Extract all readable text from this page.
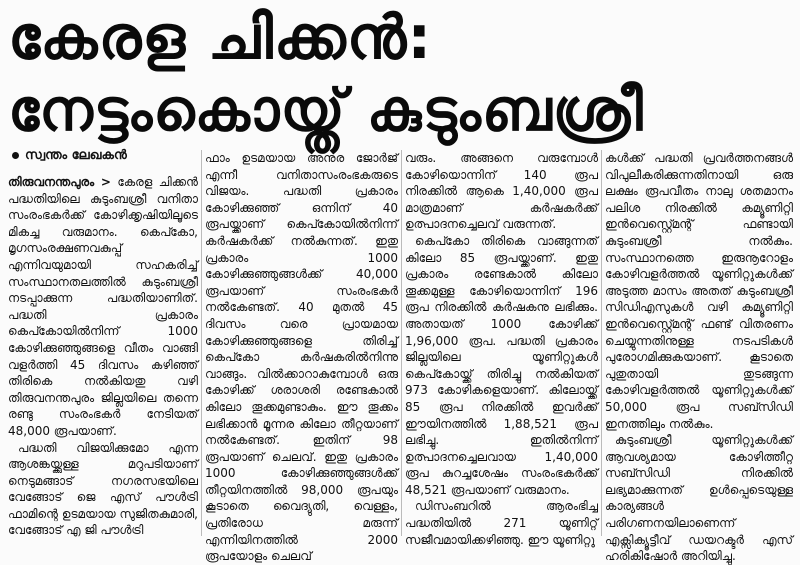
കേരള ചിക്കൻ:
നേട്ടംകൊയ്ത് കുടുംബശ്രീ
സ്വന്തം ലേഖകൻ

തിരുവനന്തപുരം > കേരള ചിക്കൻ പദ്ധതിയിലെ കുടുംബശ്രീ വനിതാ സംരംഭകർക്ക് കോഴിക്കൃഷിയിലൂടെ മികച്ച വരുമാനം. കെപ്കോ, മൃഗസംരക്ഷണവകുപ്പ് എന്നിവയുമായി സഹകരിച്ച് സംസ്ഥാനതലത്തിൽ കുടുംബശ്രീ നടപ്പാക്കുന്ന പദ്ധതിയാണിത്. പദ്ധതി പ്രകാരം കെപ്കോയിൽനിന്ന് 1000 കോഴിക്കുഞ്ഞുങ്ങളെ വീതം വാങ്ങി വളർത്തി 45 ദിവസം കഴിഞ്ഞ് തിരികെ നൽകിയതു വഴി തിരുവനന്തപുരം ജില്ലയിലെ തന്നെ രണ്ടു സംരംഭകർ നേടിയത് 48,000 രൂപയാണ്.

പദ്ധതി വിജയിക്കുമോ എന്ന ആശങ്കയ്ക്കുള്ള മറുപടിയാണ് നെടുമങ്ങാട് നഗരസഭയിലെ വേങ്ങോട് ജെ എസ് പൗൾട്രി ഫാമിന്റെ ഉടമയായ സുജിതകുമാരി, വേങ്ങോട് എ ജി പൗൾട്രി

ഫാം ഉടമയായ അനുര ജോർജ് എന്നീ വനിതാസംരംഭകരുടെ വിജയം. പദ്ധതി പ്രകാരം കോഴിക്കുഞ്ഞ് ഒന്നിന് 40 രൂപയ്ക്കാണ് കെപ്കോയിൽനിന്ന് കർഷകർക്ക് നൽകുന്നത്. ഇതു പ്രകാരം 1000 കോഴിക്കുഞ്ഞുങ്ങൾക്ക് 40,000 രൂപയാണ് സംരംഭകർ നൽകേണ്ടത്. 40 മുതൽ 45 ദിവസം വരെ പ്രായമായ കോഴിക്കുഞ്ഞുങ്ങളെ തിരിച്ച് കെപ്കോ കർഷകരിൽനിന്നു വാങ്ങും. വിൽക്കാറാകുമ്പോൾ ഒരു കോഴിക്ക് ശരാശരി രണ്ടേകാൽ കിലോ തൂക്കമുണ്ടാകും. ഈ തൂക്കം ലഭിക്കാൻ മൂന്നര കിലോ തീറ്റയാണ് നൽകേണ്ടത്. ഇതിന് 98 രൂപയാണ് ചെലവ്. ഇതു പ്രകാരം 1000 കോഴിക്കുഞ്ഞുങ്ങൾക്ക് തീറ്റയിനത്തിൽ 98,000 രൂപയും കൂടാതെ വൈദ്യുതി, വെള്ളം, പ്രതിരോധ മരുന്ന് എന്നിയിനത്തിൽ 2000 രൂപയോളം ചെലവ്

വരും. അങ്ങനെ വരുമ്പോൾ കോഴിയൊന്നിന് 140 രൂപ നിരക്കിൽ ആകെ 1,40,000 രൂപ മാത്രമാണ് കർഷകർക്ക് ഉത്പാദനച്ചെലവ് വരുന്നത്.

കെപ്കോ തിരികെ വാങ്ങുന്നത് കിലോ 85 രൂപയ്ക്കാണ്. ഇതു പ്രകാരം രണ്ടേകാൽ കിലോ തൂക്കമുള്ള കോഴിയൊന്നിന് 196 രൂപ നിരക്കിൽ കർഷകനു ലഭിക്കും. അതായത് 1000 കോഴിക്ക് 1,96,000 രൂപ. പദ്ധതി പ്രകാരം ജില്ലയിലെ യൂണിറ്റുകൾ കെപ്കോയ്ക്ക് തിരിച്ചു നൽകിയത് 973 കോഴികളെയാണ്. കിലോയ്ക്ക് 85 രൂപ നിരക്കിൽ ഇവർക്ക് ഈയിനത്തിൽ 1,88,521 രൂപ ലഭിച്ചു. ഇതിൽനിന്ന് ഉത്പാദനച്ചെലവായ 1,40,000 രൂപ കുറച്ചശേഷം സംരംഭകർക്ക് 48,521 രൂപയാണ് വരുമാനം.

ഡിസംബറിൽ ആരംഭിച്ച പദ്ധതിയിൽ 271 യൂണിറ്റ് സജീവമായിക്കഴിഞ്ഞു. ഈ യൂണിറ്റു

കൾക്ക് പദ്ധതി പ്രവർത്തനങ്ങൾ വിപുലീകരിക്കുന്നതിനായി ഒരു ലക്ഷം രൂപവീതം നാലു ശതമാനം പലിശ നിരക്കിൽ കമ്യൂണിറ്റി ഇൻവെസ്റ്റ്മെന്റ് ഫണ്ടായി കുടുംബശ്രീ നൽകും. സംസ്ഥാനത്തെ ഇരുനൂറോളം കോഴിവളർത്തൽ യൂണിറ്റുകൾക്ക് അടുത്ത മാസം അതത് കുടുംബശ്രീ സിഡിഎസുകൾ വഴി കമ്യൂണിറ്റി ഇൻവെസ്റ്റ്മെന്റ് ഫണ്ട് വിതരണം ചെയ്യുന്നതിനുള്ള നടപടികൾ പുരോഗമിക്കുകയാണ്. കൂടാതെ പുതുതായി തുടങ്ങുന്ന കോഴിവളർത്തൽ യൂണിറ്റുകൾക്ക് 50,000 രൂപ സബ്സിഡി ഇനത്തിലും നൽകും.

കുടുംബശ്രീ യൂണിറ്റുകൾക്ക് ആവശ്യമായ കോഴിത്തീറ്റ സബ്സിഡി നിരക്കിൽ ലഭ്യമാക്കുന്നത് ഉൾപ്പെടെയുള്ള കാര്യങ്ങൾ പരിഗണനയിലാണെന്ന് എക്സിക്യൂട്ടീവ് ഡയറക്ടർ എസ് ഹരികിഷോർ അറിയിച്ചു.
